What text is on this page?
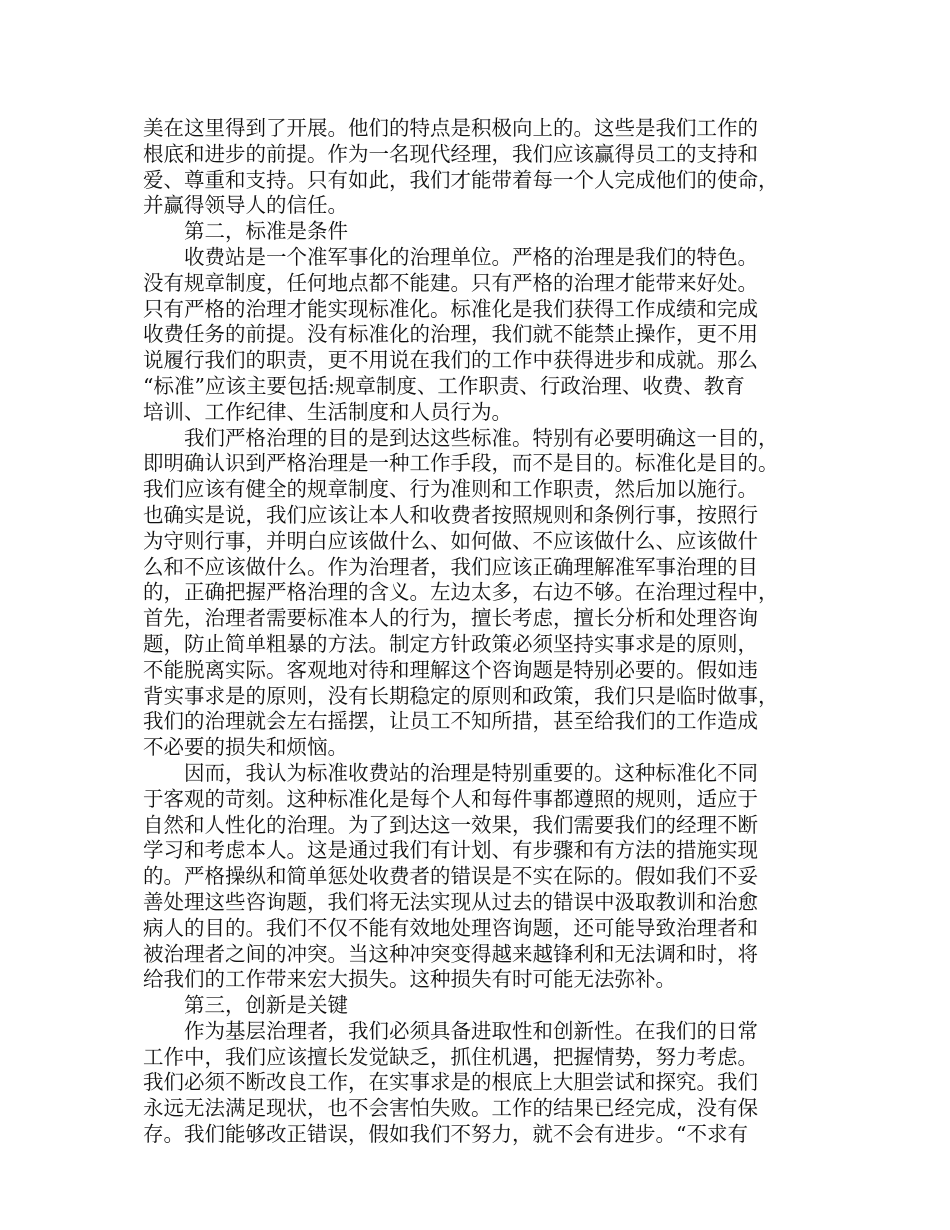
美在这里得到了开展。他们的特点是积极向上的。这些是我们工作的
根底和进步的前提。作为一名现代经理，我们应该赢得员工的支持和
爱、尊重和支持。只有如此，我们才能带着每一个人完成他们的使命，
并赢得领导人的信任。
第二，标准是条件
收费站是一个准军事化的治理单位。严格的治理是我们的特色。
没有规章制度，任何地点都不能建。只有严格的治理才能带来好处。
只有严格的治理才能实现标准化。标准化是我们获得工作成绩和完成
收费任务的前提。没有标准化的治理，我们就不能禁止操作，更不用
说履行我们的职责，更不用说在我们的工作中获得进步和成就。那么
“标准”应该主要包括:规章制度、工作职责、行政治理、收费、教育
培训、工作纪律、生活制度和人员行为。
我们严格治理的目的是到达这些标准。特别有必要明确这一目的，
即明确认识到严格治理是一种工作手段，而不是目的。标准化是目的。
我们应该有健全的规章制度、行为准则和工作职责，然后加以施行。
也确实是说，我们应该让本人和收费者按照规则和条例行事，按照行
为守则行事，并明白应该做什么、如何做、不应该做什么、应该做什
么和不应该做什么。作为治理者，我们应该正确理解准军事治理的目
的，正确把握严格治理的含义。左边太多，右边不够。在治理过程中，
首先，治理者需要标准本人的行为，擅长考虑，擅长分析和处理咨询
题，防止简单粗暴的方法。制定方针政策必须坚持实事求是的原则，
不能脱离实际。客观地对待和理解这个咨询题是特别必要的。假如违
背实事求是的原则，没有长期稳定的原则和政策，我们只是临时做事，
我们的治理就会左右摇摆，让员工不知所措，甚至给我们的工作造成
不必要的损失和烦恼。
因而，我认为标准收费站的治理是特别重要的。这种标准化不同
于客观的苛刻。这种标准化是每个人和每件事都遵照的规则，适应于
自然和人性化的治理。为了到达这一效果，我们需要我们的经理不断
学习和考虑本人。这是通过我们有计划、有步骤和有方法的措施实现
的。严格操纵和简单惩处收费者的错误是不实在际的。假如我们不妥
善处理这些咨询题，我们将无法实现从过去的错误中汲取教训和治愈
病人的目的。我们不仅不能有效地处理咨询题，还可能导致治理者和
被治理者之间的冲突。当这种冲突变得越来越锋利和无法调和时，将
给我们的工作带来宏大损失。这种损失有时可能无法弥补。
第三，创新是关键
作为基层治理者，我们必须具备进取性和创新性。在我们的日常
工作中，我们应该擅长发觉缺乏，抓住机遇，把握情势，努力考虑。
我们必须不断改良工作，在实事求是的根底上大胆尝试和探究。我们
永远无法满足现状，也不会害怕失败。工作的结果已经完成，没有保
存。我们能够改正错误，假如我们不努力，就不会有进步。“不求有
